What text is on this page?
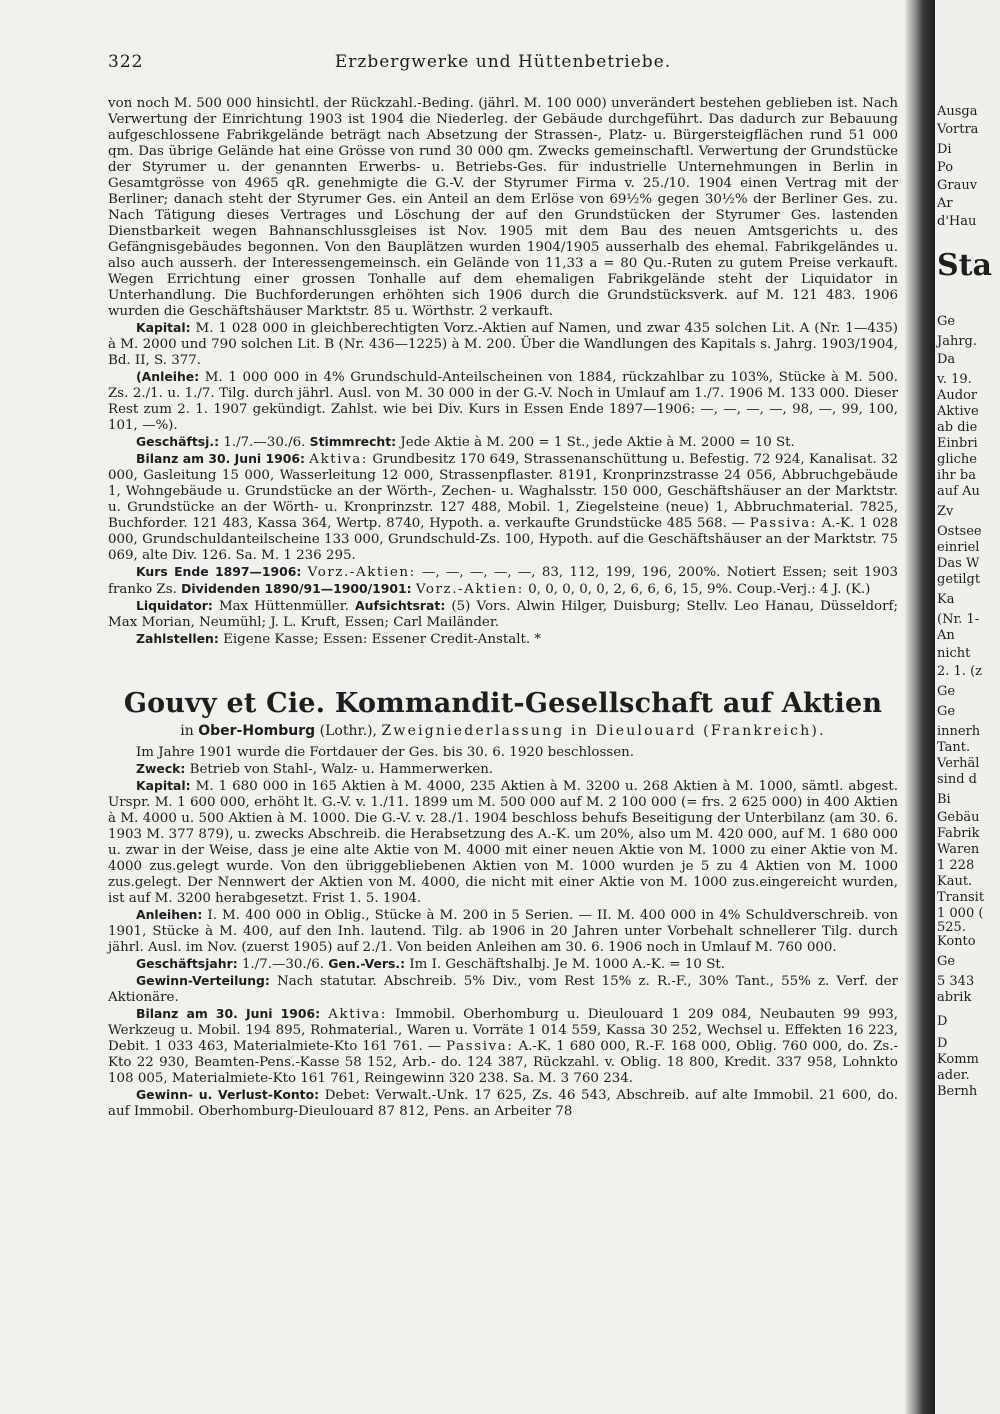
322	Erzbergwerke und Hüttenbetriebe.

von noch M. 500 000 hinsichtl. der Rückzahl.-Beding. (jährl. M. 100 000) unverändert bestehen geblieben ist. Nach Verwertung der Einrichtung 1903 ist 1904 die Niederleg. der Gebäude durchgeführt. Das dadurch zur Bebauung aufgeschlossene Fabrikgelände beträgt nach Absetzung der Strassen-, Platz- u. Bürgersteigflächen rund 51 000 qm. Das übrige Gelände hat eine Grösse von rund 30 000 qm. Zwecks gemeinschaftl. Verwertung der Grundstücke der Styrumer u. der genannten Erwerbs- u. Betriebs-Ges. für industrielle Unternehmungen in Berlin in Gesamtgrösse von 4965 qR. genehmigte die G.-V. der Styrumer Firma v. 25./10. 1904 einen Vertrag mit der Berliner; danach steht der Styrumer Ges. ein Anteil an dem Erlöse von 69½% gegen 30½% der Berliner Ges. zu. Nach Tätigung dieses Vertrages und Löschung der auf den Grundstücken der Styrumer Ges. lastenden Dienstbarkeit wegen Bahnanschlussgleises ist Nov. 1905 mit dem Bau des neuen Amtsgerichts u. des Gefängnisgebäudes begonnen. Von den Bauplätzen wurden 1904/1905 ausserhalb des ehemal. Fabrikgeländes u. also auch ausserh. der Interessengemeinsch. ein Gelände von 11,33 a = 80 Qu.-Ruten zu gutem Preise verkauft. Wegen Errichtung einer grossen Tonhalle auf dem ehemaligen Fabrikgelände steht der Liquidator in Unterhandlung. Die Buchforderungen erhöhten sich 1906 durch die Grundstücksverk. auf M. 121 483. 1906 wurden die Geschäftshäuser Marktstr. 85 u. Wörthstr. 2 verkauft.

Kapital: M. 1 028 000 in gleichberechtigten Vorz.-Aktien auf Namen, und zwar 435 solchen Lit. A (Nr. 1—435) à M. 2000 und 790 solchen Lit. B (Nr. 436—1225) à M. 200. Über die Wandlungen des Kapitals s. Jahrg. 1903/1904, Bd. II, S. 377.

(Anleihe: M. 1 000 000 in 4% Grundschuld-Anteilscheinen von 1884, rückzahlbar zu 103%, Stücke à M. 500. Zs. 2./1. u. 1./7. Tilg. durch jährl. Ausl. von M. 30 000 in der G.-V. Noch in Umlauf am 1./7. 1906 M. 133 000. Dieser Rest zum 2. 1. 1907 gekündigt. Zahlst. wie bei Div. Kurs in Essen Ende 1897—1906: —, —, —, —, 98, —, 99, 100, 101, —%).

Geschäftsj.: 1./7.—30./6. Stimmrecht: Jede Aktie à M. 200 = 1 St., jede Aktie à M. 2000 = 10 St.

Bilanz am 30. Juni 1906: Aktiva: Grundbesitz 170 649, Strassenanschüttung u. Befestig. 72 924, Kanalisat. 32 000, Gasleitung 15 000, Wasserleitung 12 000, Strassenpflaster. 8191, Kronprinzstrasse 24 056, Abbruchgebäude 1, Wohngebäude u. Grundstücke an der Wörth-, Zechen- u. Waghalsstr. 150 000, Geschäftshäuser an der Marktstr. u. Grundstücke an der Wörth- u. Kronprinzstr. 127 488, Mobil. 1, Ziegelsteine (neue) 1, Abbruchmaterial. 7825, Buchforder. 121 483, Kassa 364, Wertp. 8740, Hypoth. a. verkaufte Grundstücke 485 568. — Passiva: A.-K. 1 028 000, Grundschuldanteilscheine 133 000, Grundschuld-Zs. 100, Hypoth. auf die Geschäftshäuser an der Marktstr. 75 069, alte Div. 126. Sa. M. 1 236 295.

Kurs Ende 1897—1906: Vorz.-Aktien: —, —, —, —, —, 83, 112, 199, 196, 200%. Notiert Essen; seit 1903 franko Zs. Dividenden 1890/91—1900/1901: Vorz.-Aktien: 0, 0, 0, 0, 0, 2, 6, 6, 6, 15, 9%. Coup.-Verj.: 4 J. (K.)

Liquidator: Max Hüttenmüller. Aufsichtsrat: (5) Vors. Alwin Hilger, Duisburg; Stellv. Leo Hanau, Düsseldorf; Max Morian, Neumühl; J. L. Kruft, Essen; Carl Mailänder.

Zahlstellen: Eigene Kasse; Essen: Essener Credit-Anstalt. *

Gouvy et Cie. Kommandit-Gesellschaft auf Aktien
in Ober-Homburg (Lothr.), Zweigniederlassung in Dieulouard (Frankreich).

Im Jahre 1901 wurde die Fortdauer der Ges. bis 30. 6. 1920 beschlossen.

Zweck: Betrieb von Stahl-, Walz- u. Hammerwerken.

Kapital: M. 1 680 000 in 165 Aktien à M. 4000, 235 Aktien à M. 3200 u. 268 Aktien à M. 1000, sämtl. abgest. Urspr. M. 1 600 000, erhöht lt. G.-V. v. 1./11. 1899 um M. 500 000 auf M. 2 100 000 (= frs. 2 625 000) in 400 Aktien à M. 4000 u. 500 Aktien à M. 1000. Die G.-V. v. 28./1. 1904 beschloss behufs Beseitigung der Unterbilanz (am 30. 6. 1903 M. 377 879), u. zwecks Abschreib. die Herabsetzung des A.-K. um 20%, also um M. 420 000, auf M. 1 680 000 u. zwar in der Weise, dass je eine alte Aktie von M. 4000 mit einer neuen Aktie von M. 1000 zu einer Aktie von M. 4000 zus.gelegt wurde. Von den übriggebliebenen Aktien von M. 1000 wurden je 5 zu 4 Aktien von M. 1000 zus.gelegt. Der Nennwert der Aktien von M. 4000, die nicht mit einer Aktie von M. 1000 zus.eingereicht wurden, ist auf M. 3200 herabgesetzt. Frist 1. 5. 1904.

Anleihen: I. M. 400 000 in Oblig., Stücke à M. 200 in 5 Serien. — II. M. 400 000 in 4% Schuldverschreib. von 1901, Stücke à M. 400, auf den Inh. lautend. Tilg. ab 1906 in 20 Jahren unter Vorbehalt schnellerer Tilg. durch jährl. Ausl. im Nov. (zuerst 1905) auf 2./1. Von beiden Anleihen am 30. 6. 1906 noch in Umlauf M. 760 000.

Geschäftsjahr: 1./7.—30./6. Gen.-Vers.: Im I. Geschäftshalbj. Je M. 1000 A.-K. = 10 St.

Gewinn-Verteilung: Nach statutar. Abschreib. 5% Div., vom Rest 15% z. R.-F., 30% Tant., 55% z. Verf. der Aktionäre.

Bilanz am 30. Juni 1906: Aktiva: Immobil. Oberhomburg u. Dieulouard 1 209 084, Neubauten 99 993, Werkzeug u. Mobil. 194 895, Rohmaterial., Waren u. Vorräte 1 014 559, Kassa 30 252, Wechsel u. Effekten 16 223, Debit. 1 033 463, Materialmiete-Kto 161 761. — Passiva: A.-K. 1 680 000, R.-F. 168 000, Oblig. 760 000, do. Zs.-Kto 22 930, Beamten-Pens.-Kasse 58 152, Arb.- do. 124 387, Rückzahl. v. Oblig. 18 800, Kredit. 337 958, Lohnkto 108 005, Materialmiete-Kto 161 761, Reingewinn 320 238. Sa. M. 3 760 234.

Gewinn- u. Verlust-Konto: Debet: Verwalt.-Unk. 17 625, Zs. 46 543, Abschreib. auf alte Immobil. 21 600, do. auf Immobil. Oberhomburg-Dieulouard 87 812, Pens. an Arbeiter 78

Sta
Ausga
Vortra
Di
Po
Grauv
Ar
d'Hau
Ge
Jahrg.
Da
v. 19.
Audor
Aktive
ab die
Einbri
gliche
ihr ba
auf Au
Zv
Ostsee
einriel
Das W
getilgt
Ka
(Nr. 1-
An
nicht
2. 1. (z
Ge
Ge
innerh
Tant.
Verhäl
sind d
Bi
Gebäu
Fabrik
Waren
1 228
Kaut.
Transit
1 000 (
525.
Konto
Ge
5 343
abrik
D
D
Komm
ader.
Bernh
